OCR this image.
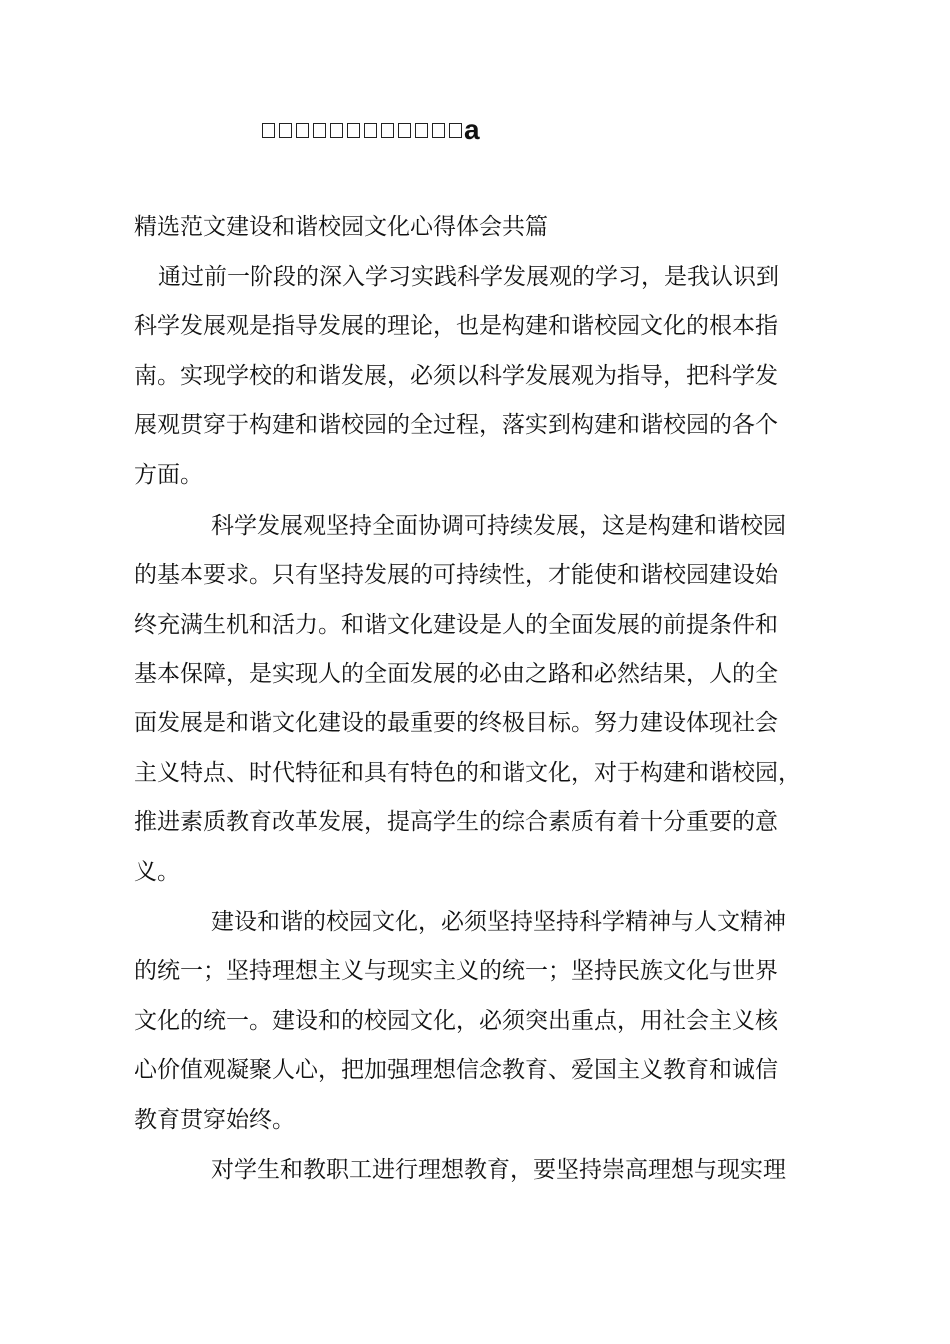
a
精选范文建设和谐校园文化心得体会共篇
通过前一阶段的深入学习实践科学发展观的学习，是我认识到
科学发展观是指导发展的理论，也是构建和谐校园文化的根本指
南。实现学校的和谐发展，必须以科学发展观为指导，把科学发
展观贯穿于构建和谐校园的全过程，落实到构建和谐校园的各个
方面。
科学发展观坚持全面协调可持续发展，这是构建和谐校园
的基本要求。只有坚持发展的可持续性，才能使和谐校园建设始
终充满生机和活力。和谐文化建设是人的全面发展的前提条件和
基本保障，是实现人的全面发展的必由之路和必然结果，人的全
面发展是和谐文化建设的最重要的终极目标。努力建设体现社会
主义特点、时代特征和具有特色的和谐文化，对于构建和谐校园，
推进素质教育改革发展，提高学生的综合素质有着十分重要的意
义。
建设和谐的校园文化，必须坚持坚持科学精神与人文精神
的统一；坚持理想主义与现实主义的统一；坚持民族文化与世界
文化的统一。建设和的校园文化，必须突出重点，用社会主义核
心价值观凝聚人心，把加强理想信念教育、爱国主义教育和诚信
教育贯穿始终。
对学生和教职工进行理想教育，要坚持崇高理想与现实理
